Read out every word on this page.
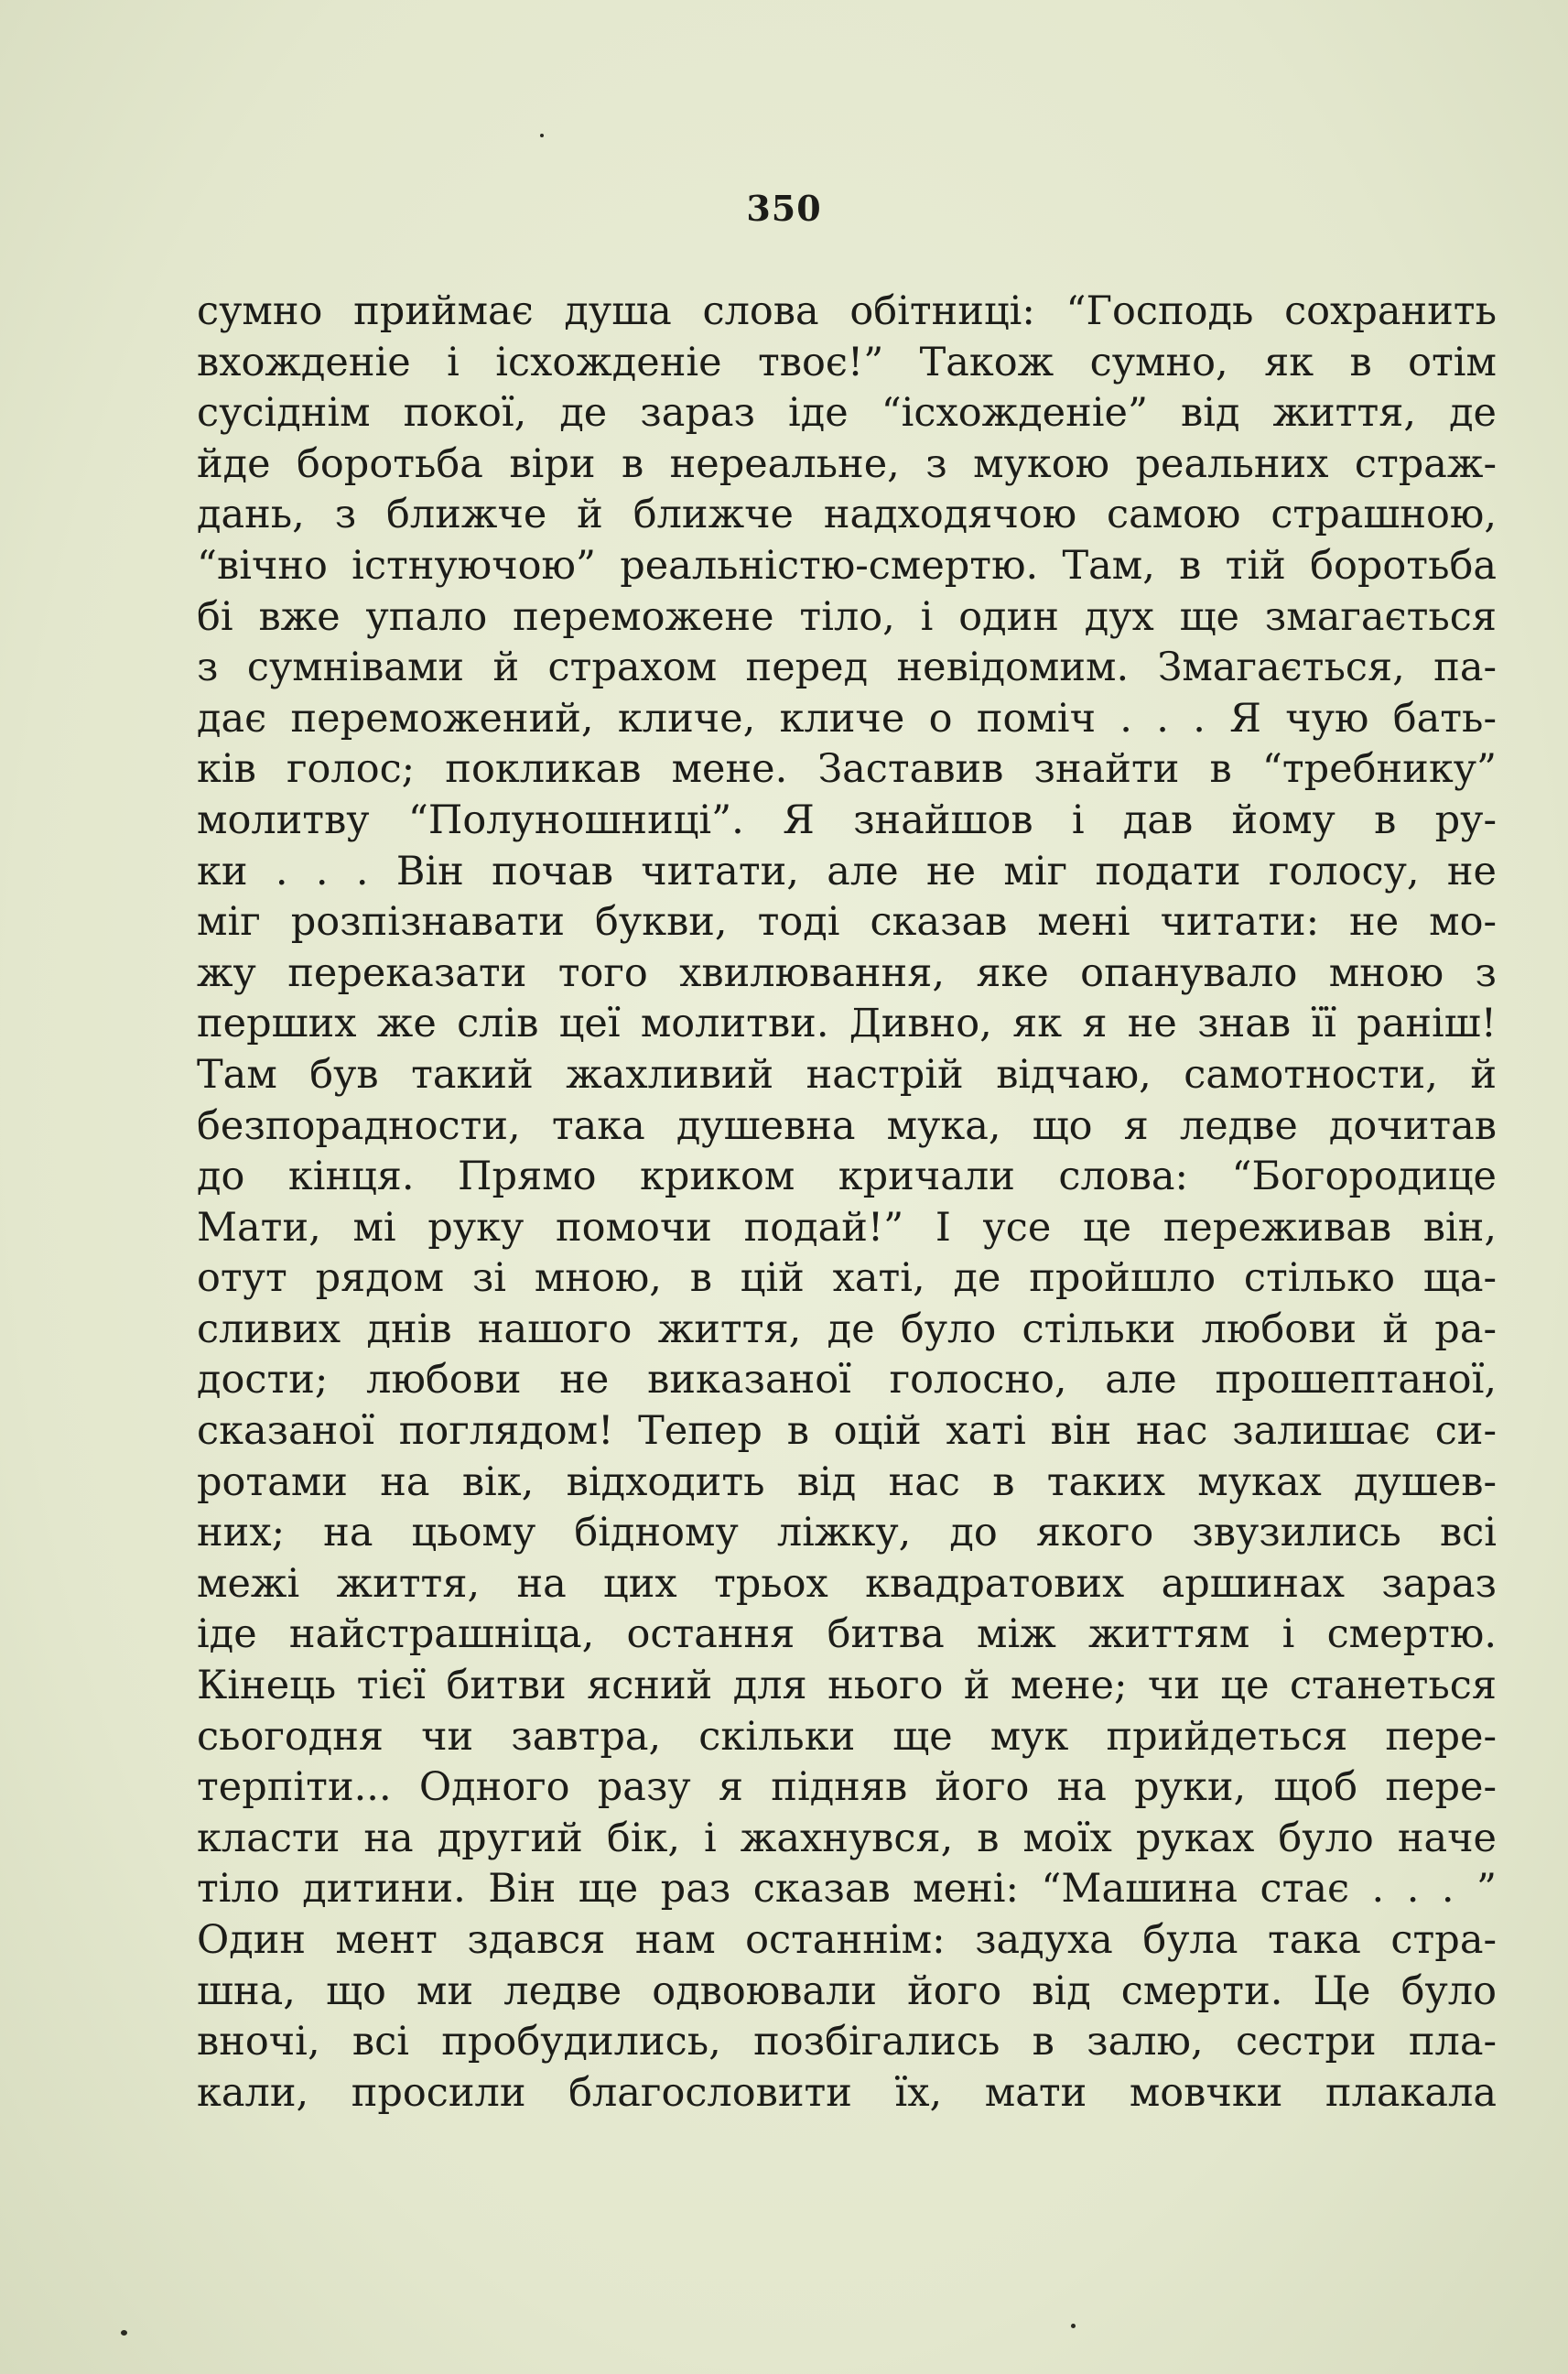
350
сумно приймає душа слова обітниці: “Господь сохранить
вхожденіе і ісхожденіе твоє!” Також сумно, як в отім
сусіднім покої, де зараз іде “ісхожденіе” від життя, де
йде боротьба віри в нереальне, з мукою реальних страж-
дань, з ближче й ближче надходячою самою страшною,
“вічно істнуючою” реальністю-смертю. Там, в тій боротьба
бі вже упало переможене тіло, і один дух ще змагається
з сумнівами й страхом перед невідомим. Змагається, па-
дає переможений, кличе, кличе о поміч . . . Я чую бать-
ків голос; покликав мене. Заставив знайти в “требнику”
молитву “Полуношниці”. Я знайшов і дав йому в ру-
ки . . . Він почав читати, але не міг подати голосу, не
міг розпізнавати букви, тоді сказав мені читати: не мо-
жу переказати того хвилювання, яке опанувало мною з
перших же слів цеї молитви. Дивно, як я не знав її раніш!
Там був такий жахливий настрій відчаю, самотности, й
безпорадности, така душевна мука, що я ледве дочитав
до кінця. Прямо криком кричали слова: “Богородице
Мати, мі руку помочи подай!” І усе це переживав він,
отут рядом зі мною, в цій хаті, де пройшло стілько ща-
сливих днів нашого життя, де було стільки любови й ра-
дости; любови не виказаної голосно, але прошептаної,
сказаної поглядом! Тепер в оцій хаті він нас залишає си-
ротами на вік, відходить від нас в таких муках душев-
них; на цьому бідному ліжку, до якого звузились всі
межі життя, на цих трьох квадратових аршинах зараз
іде найстрашніца, остання битва між життям і смертю.
Кінець тієї битви ясний для нього й мене; чи це станеться
сьогодня чи завтра, скільки ще мук прийдеться пере-
терпіти... Одного разу я підняв його на руки, щоб пере-
класти на другий бік, і жахнувся, в моїх руках було наче
тіло дитини. Він ще раз сказав мені: “Машина стає . . . ”
Один мент здався нам останнім: задуха була така стра-
шна, що ми ледве одвоювали його від смерти. Це було
вночі, всі пробудились, позбігались в залю, сестри пла-
кали, просили благословити їх, мати мовчки плакала
